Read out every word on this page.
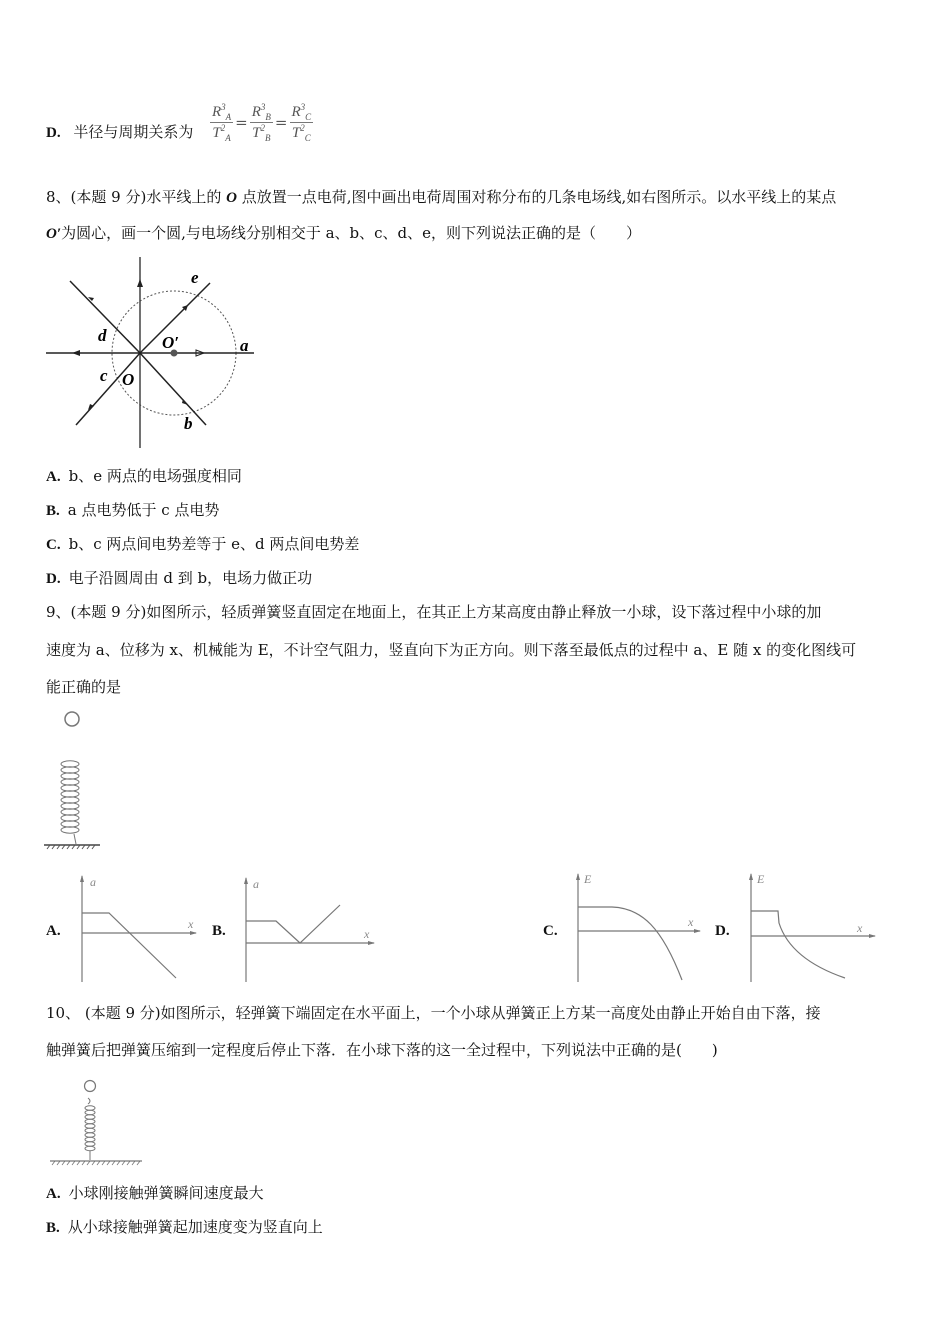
D. 半径与周期关系为 $\frac{R^3_A}{T^2_A} = \frac{R^3_B}{T^2_B} = \frac{R^3_C}{T^2_C}$
8、(本题 9 分)水平线上的 O 点放置一点电荷,图中画出电荷周围对称分布的几条电场线,如右图所示。以水平线上的某点
O′为圆心，画一个圆,与电场线分别相交于 a、b、c、d、e，则下列说法正确的是（　　）
e
a
d	O′
c O
b
A. b、e 两点的电场强度相同
B. a 点电势低于 c 点电势
C. b、c 两点间电势差等于 e、d 两点间电势差
D. 电子沿圆周由 d 到 b，电场力做正功
9、(本题 9 分)如图所示，轻质弹簧竖直固定在地面上，在其正上方某高度由静止释放一小球，设下落过程中小球的加
速度为 a、位移为 x、机械能为 E，不计空气阻力，竖直向下为正方向。则下落至最低点的过程中 a、E 随 x 的变化图线可
能正确的是
A.
a
x B.
a
x	C.
E
x
D.
E
x
10、 (本题 9 分)如图所示，轻弹簧下端固定在水平面上，一个小球从弹簧正上方某一高度处由静止开始自由下落，接
触弹簧后把弹簧压缩到一定程度后停止下落．在小球下落的这一全过程中，下列说法中正确的是(　　)
A. 小球刚接触弹簧瞬间速度最大
B. 从小球接触弹簧起加速度变为竖直向上
